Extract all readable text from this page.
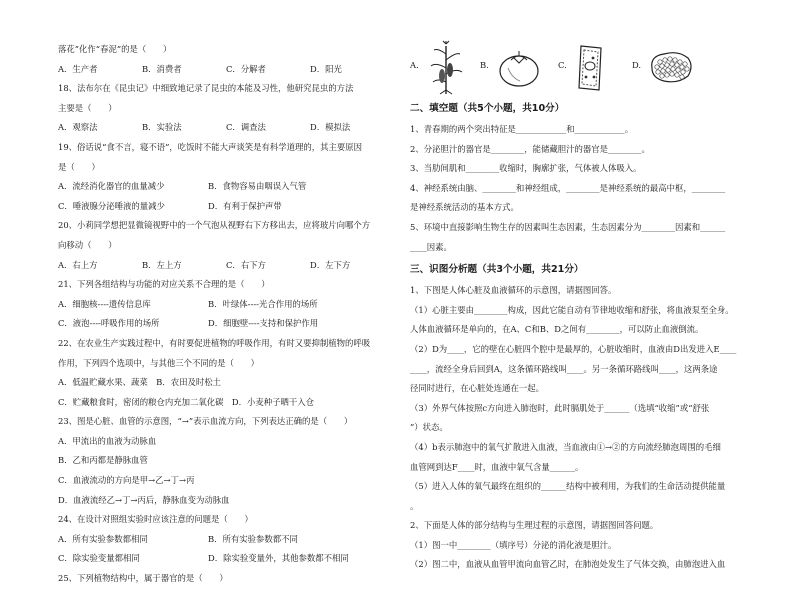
落花”化作“春泥”的是（　　）
A．生产者	B．消费者	C．分解者	D．阳光
18、法布尔在《昆虫记》中细致地记录了昆虫的本能及习性，他研究昆虫的方法
主要是（　　）
A．观察法	B．实验法	C．调查法	D．模拟法
19、俗话说“食不言，寝不语”，吃饭时不能大声谈笑是有科学道理的，其主要原因
是（　　）
A．流经消化器官的血量减少	B．食物容易由咽误入气管
C．唾液腺分泌唾液的量减少	D．有利于保护声带
20、小莉同学想把显微镜视野中的一个气泡从视野右下方移出去，应将玻片向哪个方
向移动（　　）
A．右上方	B．左上方	C．右下方	D．左下方
21、下列各组结构与功能的对应关系不合理的是（　　）
A．细胞核----遗传信息库	B．叶绿体----光合作用的场所
C．液泡----呼吸作用的场所	D．细胞壁----支持和保护作用
22、在农业生产实践过程中，有时要促进植物的呼吸作用，有时又要抑制植物的呼吸
作用，下列四个选项中，与其他三个不同的是（　　）
A．低温贮藏水果、蔬菜　B．农田及时松土
C．贮藏粮食时，密闭的粮仓内充加二氧化碳　D．小麦种子晒干入仓
23、图是心脏、血管的示意图，“→”表示血流方向，下列表达正确的是（　　）
A．甲流出的血液为动脉血
B．乙和丙都是静脉血管
C．血液流动的方向是甲→乙→丁→丙
D．血液流经乙→丁→丙后，静脉血变为动脉血
24、在设计对照组实验时应该注意的问题是（　　）
A．所有实验参数都相同	B．所有实验参数都不同
C．除实验变量都相同	D．除实验变量外，其他参数都不相同
25、下列植物结构中，属于器官的是（　　）
A.	B.	C.	D.
二、填空题（共5个小题，共10分）
1、青春期的两个突出特征是____________和____________。
2、分泌胆汁的器官是________，能储藏胆汁的器官是________。
3、当肋间肌和________收缩时，胸廓扩张，气体被人体吸入。
4、神经系统由脑、________和神经组成，________是神经系统的最高中枢，________
是神经系统活动的基本方式。
5、环境中直接影响生物生存的因素叫生态因素，生态因素分为________因素和______
____因素。
三、识图分析题（共3个小题，共21分）
1、下图是人体心脏及血液循环的示意图，请据图回答。
（1）心脏主要由________构成，因此它能自动有节律地收缩和舒张，将血液泵至全身。
人体血液循环是单向的，在A、C和B、D之间有________，可以防止血液倒流。
（2）D为____，它的壁在心脏四个腔中是最厚的，心脏收缩时，血液由D出发进入E____
____，流经全身后回到A，这条循环路线叫____。另一条循环路线叫____，这两条途
径同时进行，在心脏处连通在一起。
（3）外界气体按照c方向进入肺泡时，此时膈肌处于______（选填“收缩”或“舒张
”）状态。
（4）b表示肺泡中的氧气扩散进入血液，当血液由①→②的方向流经肺泡周围的毛细
血管网到达F____时，血液中氧气含量______。
（5）进入人体的氧气最终在组织的______结构中被利用，为我们的生命活动提供能量
。
2、下面是人体的部分结构与生理过程的示意图，请据图回答问题。
（1）图一中________（填序号）分泌的消化液是胆汁。
（2）图二中，血液从血管甲流向血管乙时，在肺泡处发生了气体交换，由肺泡进入血
